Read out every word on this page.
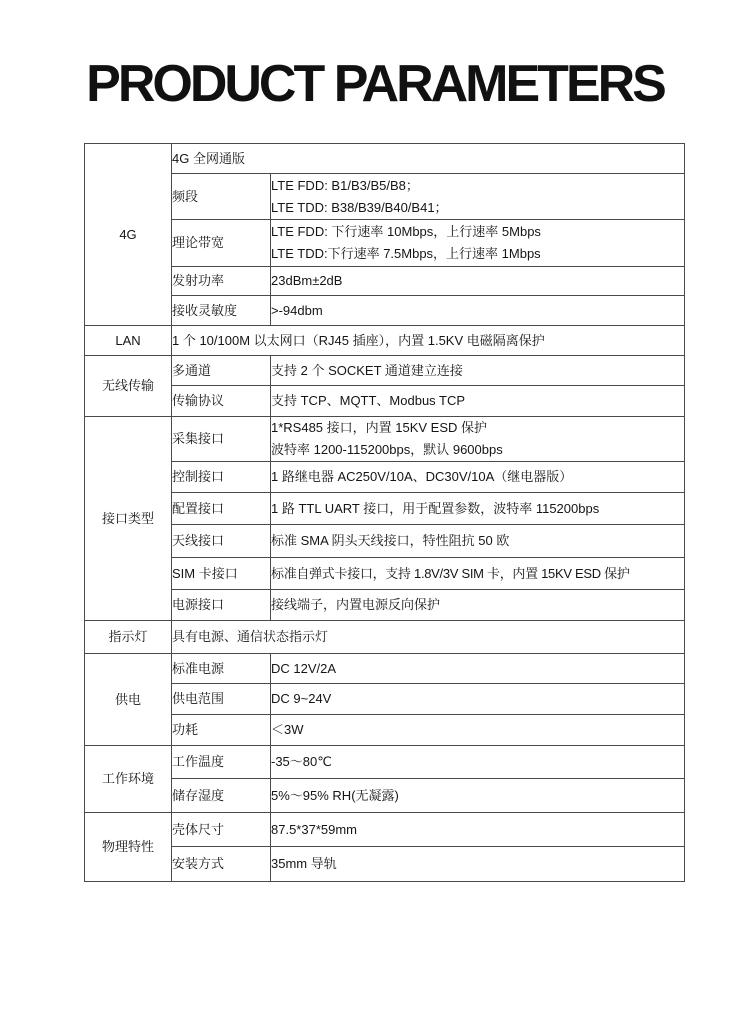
PRODUCT PARAMETERS
4G	4G 全网通版	
	频段	LTE FDD: B1/B3/B5/B8；
LTE TDD: B38/B39/B40/B41；

	理论带宽	LTE FDD: 下行速率 10Mbps，上行速率 5Mbps
LTE TDD:下行速率 7.5Mbps，上行速率 1Mbps

	发射功率	23dBm±2dB
	接收灵敏度	>-94dbm
LAN	1 个 10/100M 以太网口（RJ45 插座），内置 1.5KV 电磁隔离保护	
无线传输	多通道	支持 2 个 SOCKET 通道建立连接
	传输协议	支持 TCP、MQTT、Modbus TCP
接口类型	采集接口	1*RS485 接口，内置 15KV ESD 保护
波特率 1200-115200bps，默认 9600bps

	控制接口	1 路继电器 AC250V/10A、DC30V/10A（继电器版）
	配置接口	1 路 TTL UART 接口，用于配置参数，波特率 115200bps
	天线接口	标准 SMA 阴头天线接口，特性阻抗 50 欧
	SIM 卡接口	标准自弹式卡接口，支持 1.8V/3V SIM 卡，内置 15KV ESD 保护
	电源接口	接线端子，内置电源反向保护
指示灯	具有电源、通信状态指示灯	
供电	标准电源	DC 12V/2A
	供电范围	DC 9~24V
	功耗	＜3W
工作环境	工作温度	-35～80℃
	储存湿度	5%～95% RH(无凝露)
物理特性	壳体尺寸	87.5*37*59mm
	安装方式	35mm 导轨
